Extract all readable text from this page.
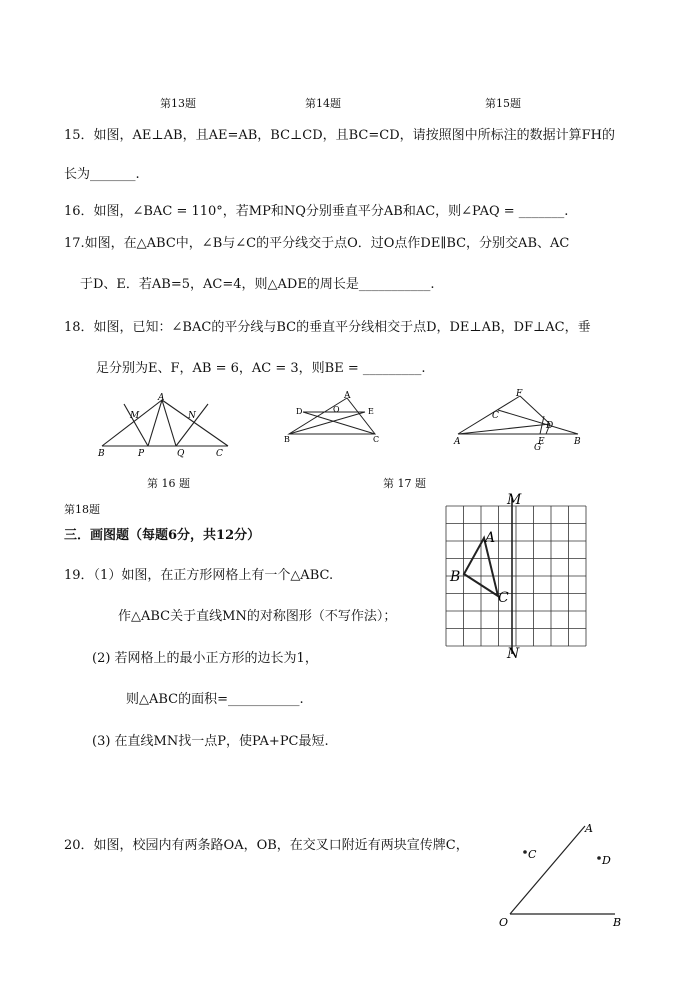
第13题	第14题	第15题
15．如图，AE⊥AB，且AE=AB，BC⊥CD，且BC=CD，请按照图中所标注的数据计算FH的
长为_______.
16．如图，∠BAC = 110°，若MP和NQ分别垂直平分AB和AC，则∠PAQ = _______.
17.如图，在△ABC中，∠B与∠C的平分线交于点O．过O点作DE∥BC，分别交AB、AC
于D、E．若AB=5，AC=4，则△ADE的周长是___________.
18．如图，已知：∠BAC的平分线与BC的垂直平分线相交于点D，DE⊥AB，DF⊥AC，垂
足分别为E、F，AB = 6，AC = 3，则BE = _________.
A
M	N
B	P	Q	C
第 16 题
A
D	O	E
B	C
第 17 题
F
C
D
G
A	E	B
第18题
三．画图题（每题6分，共12分）
19．（1）如图，在正方形网格上有一个△ABC.
作△ABC关于直线MN的对称图形（不写作法）；
(2) 若网格上的最小正方形的边长为1，
则△ABC的面积=___________.
(3) 在直线MN找一点P，使PA+PC最短.
M
N
A
B
C
20．如图，校园内有两条路OA，OB，在交叉口附近有两块宣传牌C，
A
C	D
O	B
